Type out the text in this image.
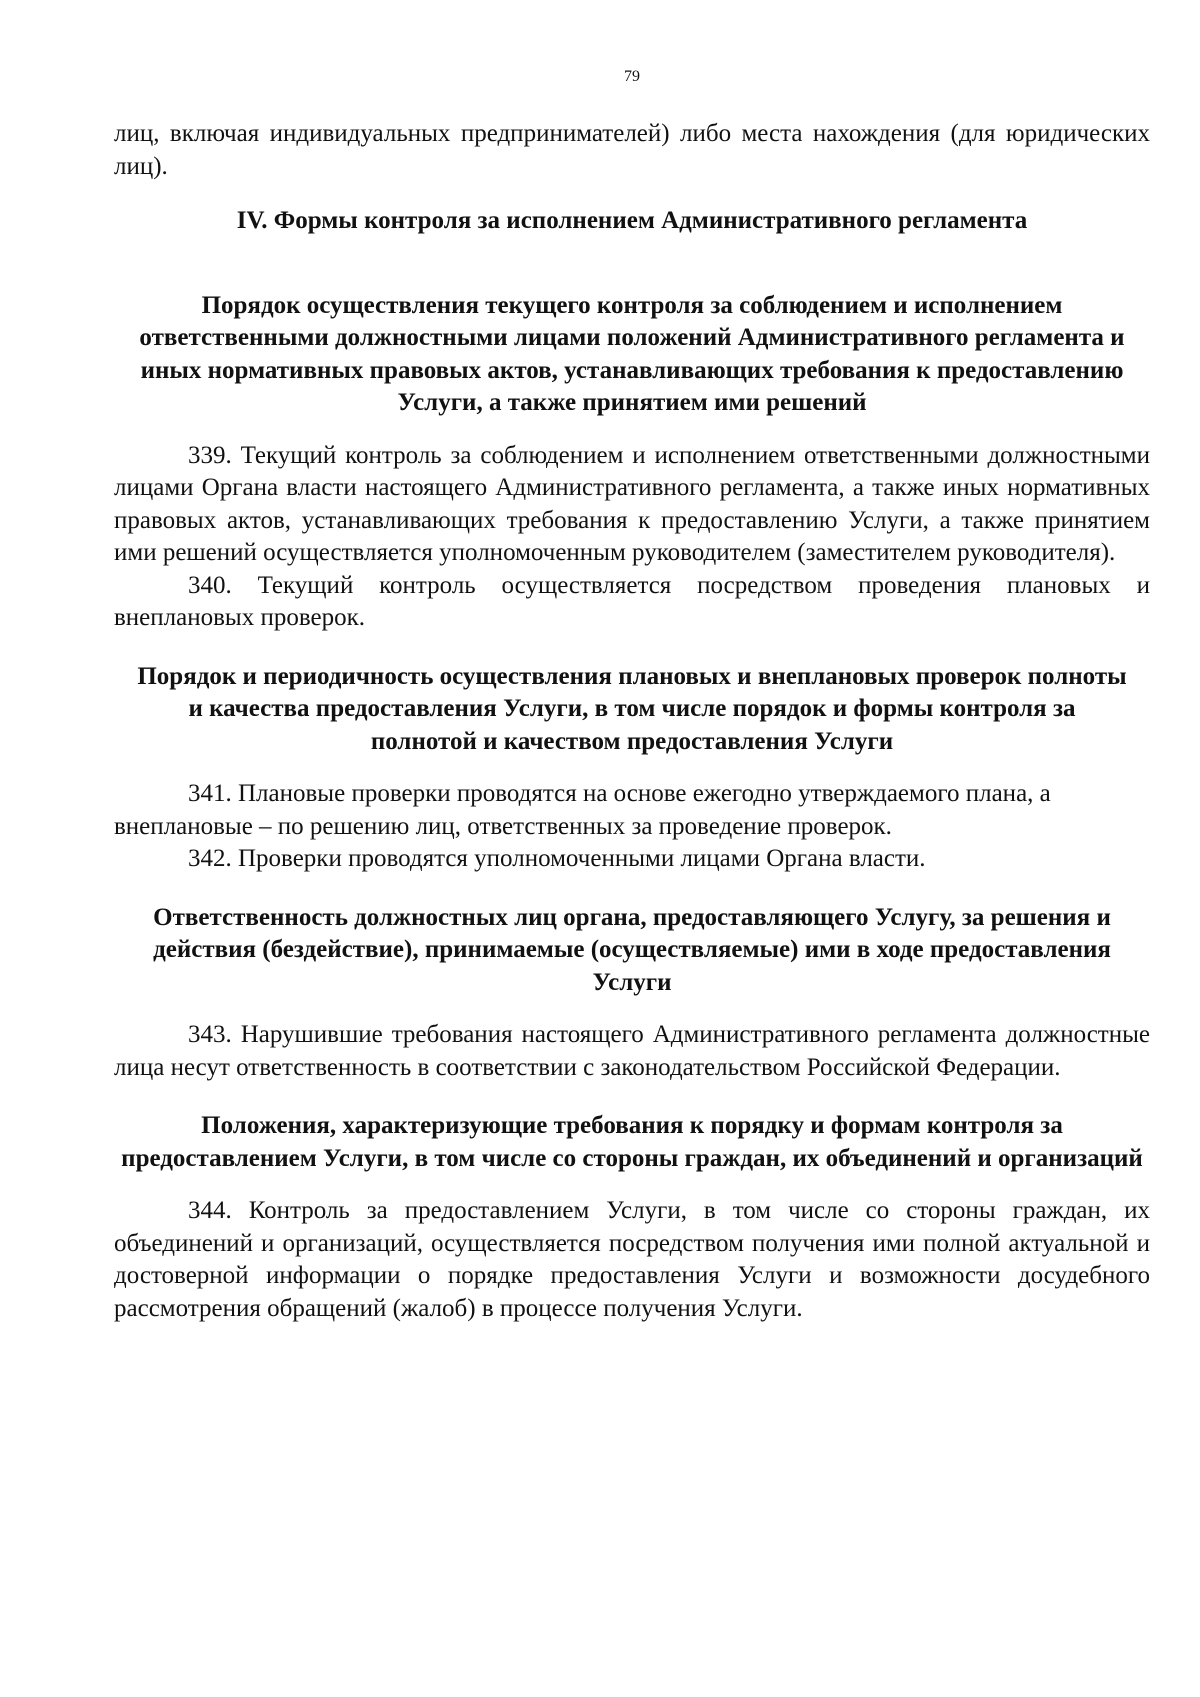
79

лиц, включая индивидуальных предпринимателей) либо места нахождения (для юридических лиц).

IV. Формы контроля за исполнением Административного регламента
Порядок осуществления текущего контроля за соблюдением и исполнением ответственными должностными лицами положений Административного регламента и иных нормативных правовых актов, устанавливающих требования к предоставлению Услуги, а также принятием ими решений

339. Текущий контроль за соблюдением и исполнением ответственными должностными лицами Органа власти настоящего Административного регламента, а также иных нормативных правовых актов, устанавливающих требования к предоставлению Услуги, а также принятием ими решений осуществляется уполномоченным руководителем (заместителем руководителя).

340. Текущий контроль осуществляется посредством проведения плановых и внеплановых проверок.

Порядок и периодичность осуществления плановых и внеплановых проверок полноты и качества предоставления Услуги, в том числе порядок и формы контроля за полнотой и качеством предоставления Услуги

341. Плановые проверки проводятся на основе ежегодно утверждаемого плана, а внеплановые – по решению лиц, ответственных за проведение проверок.

342. Проверки проводятся уполномоченными лицами Органа власти.

Ответственность должностных лиц органа, предоставляющего Услугу, за решения и действия (бездействие), принимаемые (осуществляемые) ими в ходе предоставления Услуги

343. Нарушившие требования настоящего Административного регламента должностные лица несут ответственность в соответствии с законодательством Российской Федерации.

Положения, характеризующие требования к порядку и формам контроля за предоставлением Услуги, в том числе со стороны граждан, их объединений и организаций

344. Контроль за предоставлением Услуги, в том числе со стороны граждан, их объединений и организаций, осуществляется посредством получения ими полной актуальной и достоверной информации о порядке предоставления Услуги и возможности досудебного рассмотрения обращений (жалоб) в процессе получения Услуги.
